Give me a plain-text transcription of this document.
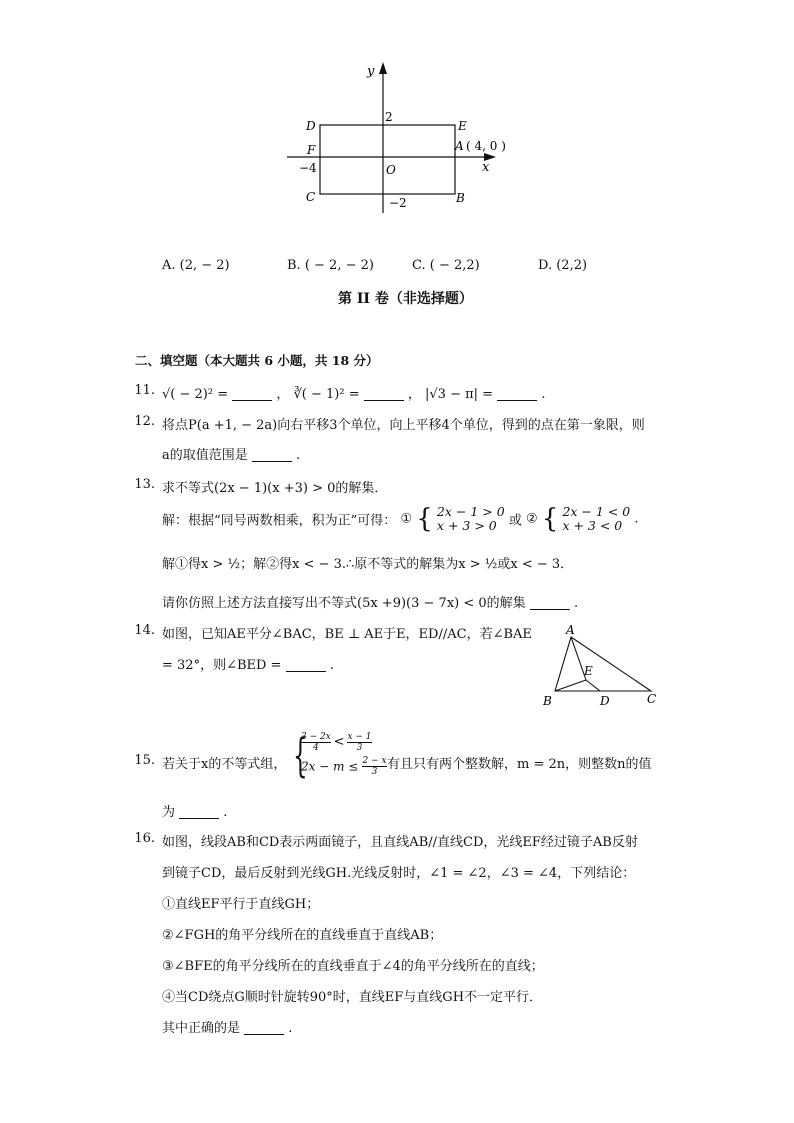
y
x
O
D	E
F
C	B
A ( 4, 0 )
2
−4
−2
A. (2, − 2)	B. ( − 2, − 2)	C. ( − 2,2)	D. (2,2)
第 II 卷（非选择题）
二、填空题（本大题共 6 小题，共 18 分）
11. √( − 2)² =	， ∛( − 1)² =	， |√3 − π| =	.
12. 将点P(a +1, − 2a)向右平移3个单位，向上平移4个单位，得到的点在第一象限，则
a的取值范围是	.
13. 求不等式(2x − 1)(x +3) > 0的解集．
解：根据“同号两数相乘，积为正”可得： ① { 2x − 1 > 0
x + 3 > 0 或 ② { 2x − 1 < 0
x + 3 < 0 .
解①得x > ½；解②得x < − 3.∴原不等式的解集为x > ½或x < − 3．
请你仿照上述方法直接写出不等式(5x +9)(3 − 7x) < 0的解集	.
14. 如图，已知AE平分∠BAC，BE ⊥ AE于E，ED//AC，若∠BAE
= 32°，则∠BED =	.
A
E
B	D	C
15. 若关于x的不等式组， {
$\frac{3 - 2x}{4} < \frac{x - 1}{3}$
$2x - m \le \frac{2 - x}{3}$ 有且只有两个整数解，m = 2n，则整数n的值
为	.
16. 如图，线段AB和CD表示两面镜子，且直线AB//直线CD，光线EF经过镜子AB反射
到镜子CD，最后反射到光线GH.光线反射时，∠1 = ∠2，∠3 = ∠4，下列结论：
①直线EF平行于直线GH；
②∠FGH的角平分线所在的直线垂直于直线AB；
③∠BFE的角平分线所在的直线垂直于∠4的角平分线所在的直线；
④当CD绕点G顺时针旋转90°时，直线EF与直线GH不一定平行．
其中正确的是	.
